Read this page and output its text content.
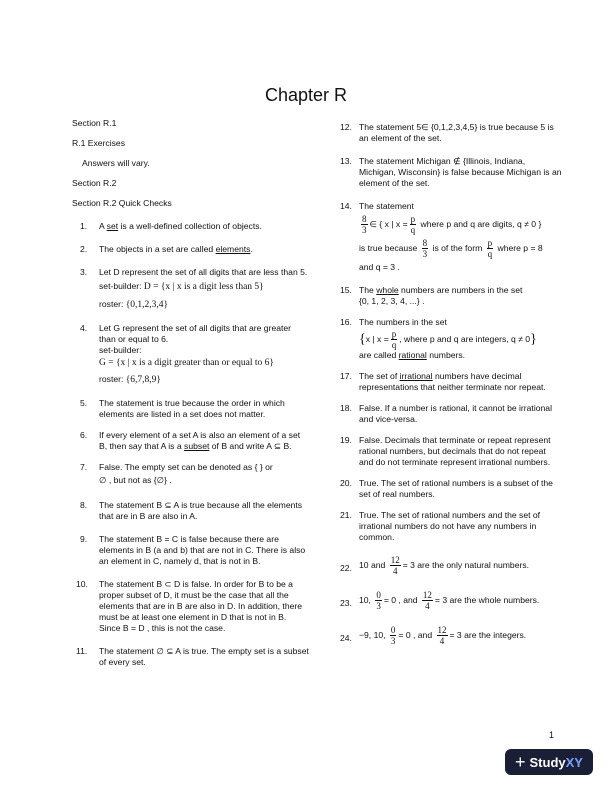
Chapter R

Section R.1

R.1 Exercises

Answers will vary.

Section R.2

Section R.2 Quick Checks

1. A set is a well-defined collection of objects.
2. The objects in a set are called elements.
3. Let D represent the set of all digits that are less than 5.
set-builder: D = {x | x is a digit less than 5}
roster: {0,1,2,3,4}
4. Let G represent the set of all digits that are greater than or equal to 6.
set-builder:
G = {x | x is a digit greater than or equal to 6}
roster: {6,7,8,9}
5. The statement is true because the order in which elements are listed in a set does not matter.
6. If every element of a set A is also an element of a set B, then say that A is a subset of B and write A ⊆ B.
7. False. The empty set can be denoted as { } or
∅ , but not as {∅} .
8. The statement B ⊆ A is true because all the elements that are in B are also in A.
9. The statement B = C is false because there are elements in B (a and b) that are not in C. There is also an element in C, namely d, that is not in B.
10. The statement B ⊂ D is false. In order for B to be a proper subset of D, it must be the case that all the elements that are in B are also in D. In addition, there must be at least one element in D that is not in B. Since B = D , this is not the case.
11. The statement ∅ ⊆ A is true. The empty set is a subset of every set.
12. The statement 5∈ {0,1,2,3,4,5} is true because 5 is an element of the set.
13. The statement Michigan ∉ {Illinois, Indiana, Michigan, Wisconsin} is false because Michigan is an element of the set.
14. The statement
$\frac{8}{3}$ ∈ { x | $x = \frac{p}{q}$ where p and q are digits, q ≠ 0 }
is true because $\frac{8}{3}$ is of the form $\frac{p}{q}$ where p = 8
and q = 3 .
15. The whole numbers are numbers in the set
{0, 1, 2, 3, 4, ...} .
16. The numbers in the set
{x | $x = \frac{p}{q}$ , where p and q are integers, q ≠ 0}
are called rational numbers.
17. The set of irrational numbers have decimal representations that neither terminate nor repeat.
18. False. If a number is rational, it cannot be irrational and vice-versa.
19. False. Decimals that terminate or repeat represent rational numbers, but decimals that do not repeat and do not terminate represent irrational numbers.
20. True. The set of rational numbers is a subset of the set of real numbers.
21. True. The set of rational numbers and the set of irrational numbers do not have any numbers in common.
22. 10 and $\frac{12}{4} = 3$ are the only natural numbers.
23. 10, $\frac{0}{3} = 0$ , and $\frac{12}{4} = 3$ are the whole numbers.
24. −9, 10, $\frac{0}{3} = 0$ , and $\frac{12}{4} = 3$ are the integers.
1
+ Study XY
